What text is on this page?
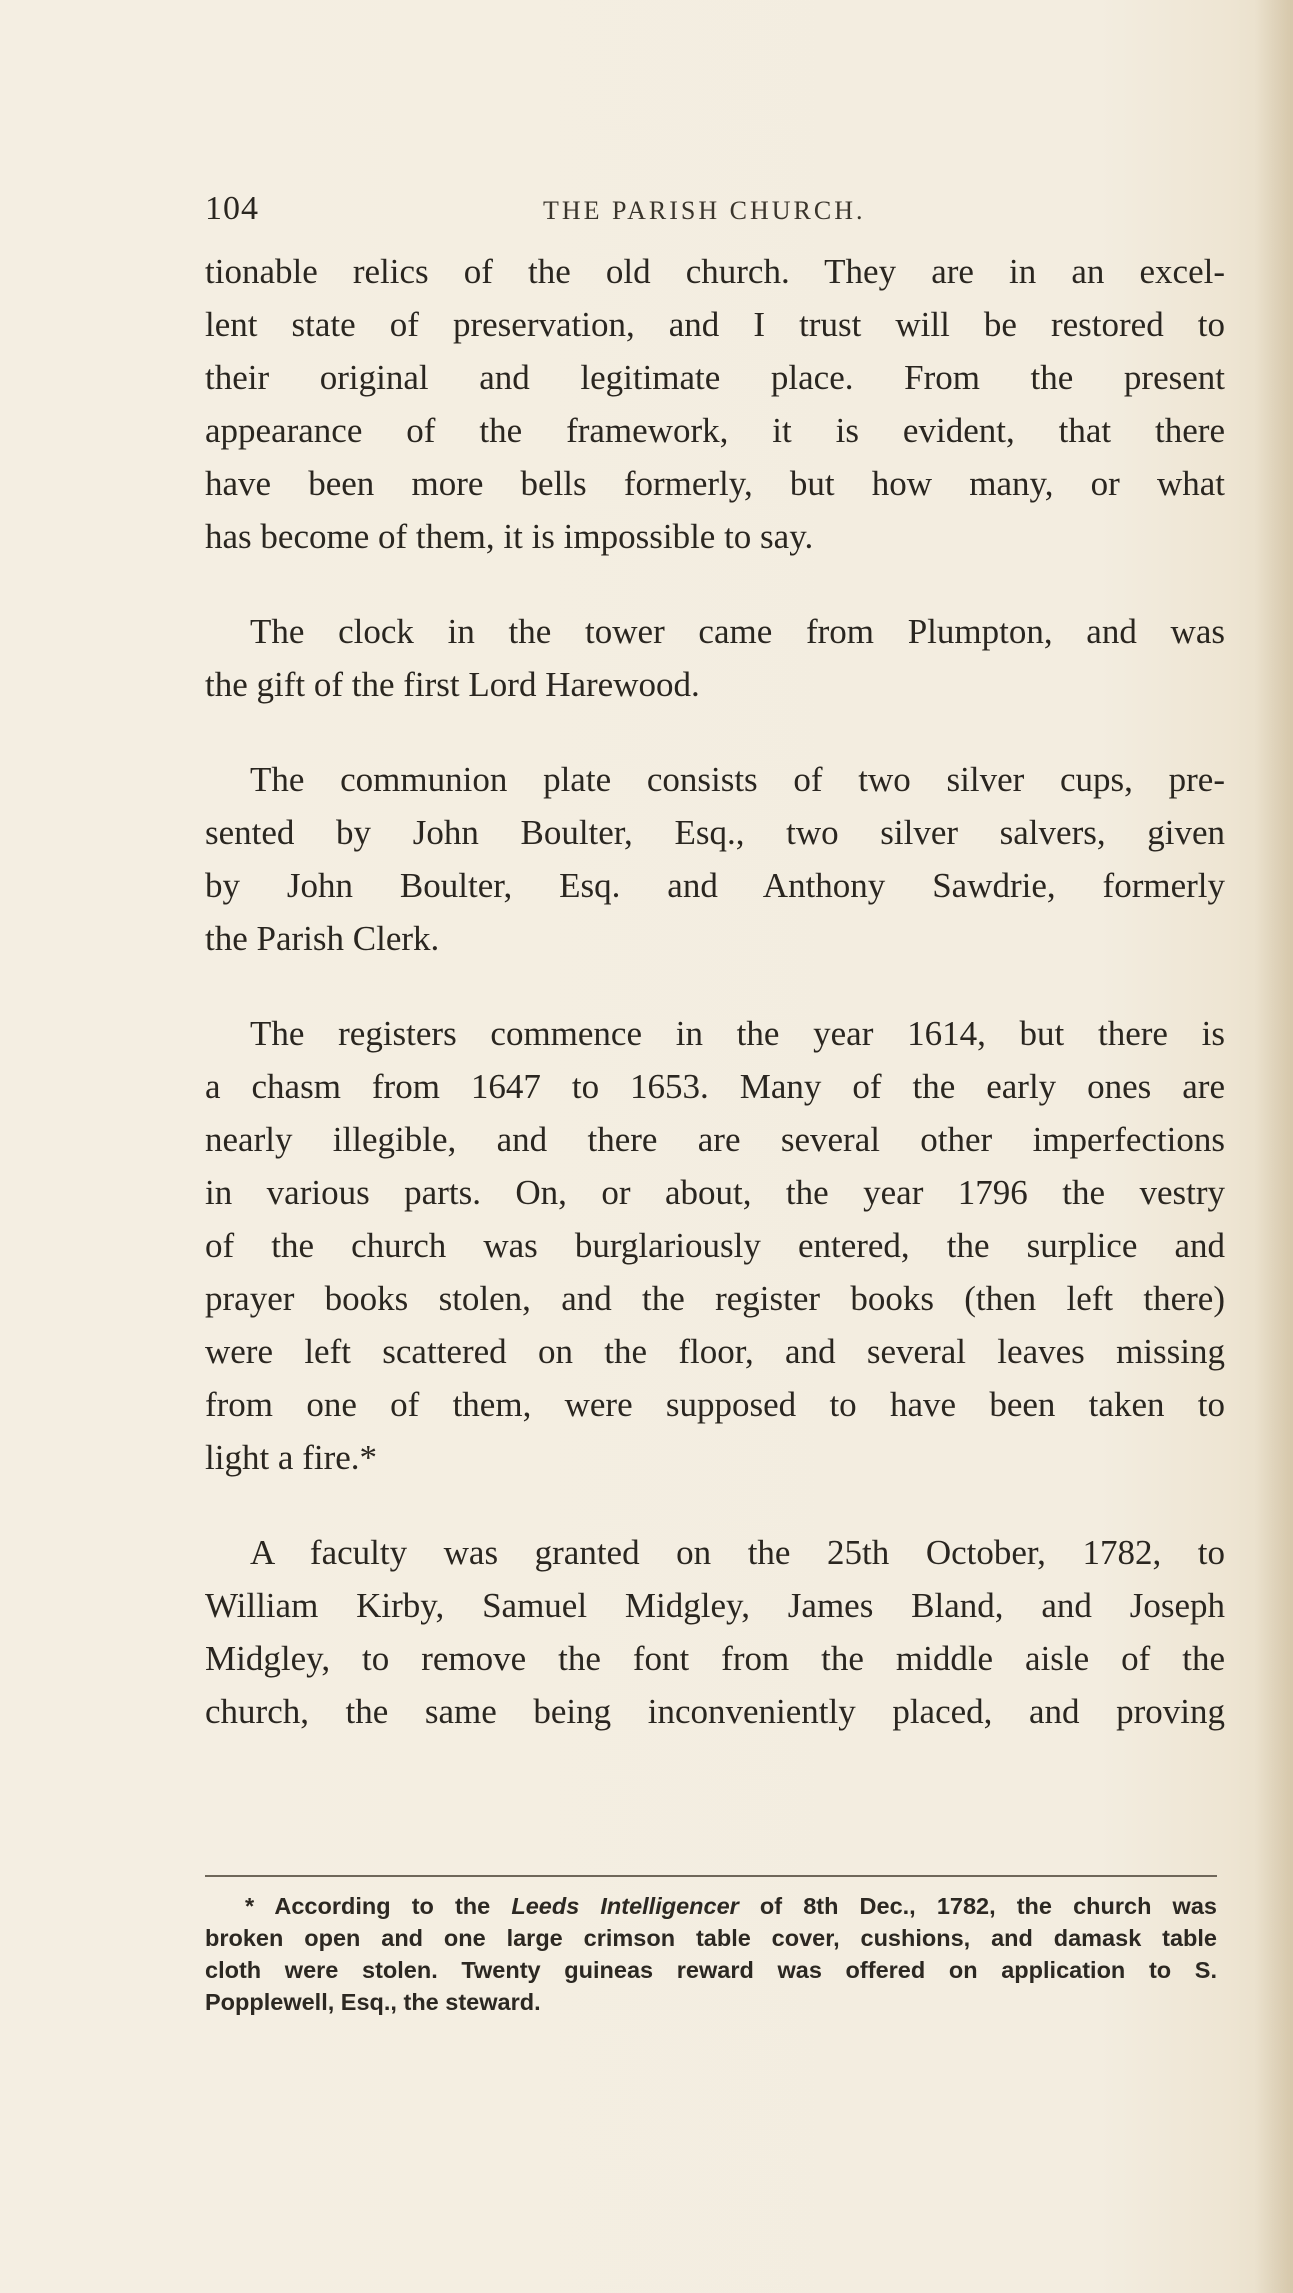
104	THE PARISH CHURCH.
tionable relics of the old church. They are in an excel-
lent state of preservation, and I trust will be restored to
their original and legitimate place. From the present
appearance of the framework, it is evident, that there
have been more bells formerly, but how many, or what
has become of them, it is impossible to say.
The clock in the tower came from Plumpton, and was
the gift of the first Lord Harewood.
The communion plate consists of two silver cups, pre-
sented by John Boulter, Esq., two silver salvers, given
by John Boulter, Esq. and Anthony Sawdrie, formerly
the Parish Clerk.
The registers commence in the year 1614, but there is
a chasm from 1647 to 1653. Many of the early ones are
nearly illegible, and there are several other imperfections
in various parts. On, or about, the year 1796 the vestry
of the church was burglariously entered, the surplice and
prayer books stolen, and the register books (then left there)
were left scattered on the floor, and several leaves missing
from one of them, were supposed to have been taken to
light a fire.*
A faculty was granted on the 25th October, 1782, to
William Kirby, Samuel Midgley, James Bland, and Joseph
Midgley, to remove the font from the middle aisle of the
church, the same being inconveniently placed, and proving
* According to the Leeds Intelligencer of 8th Dec., 1782, the church was
broken open and one large crimson table cover, cushions, and damask table
cloth were stolen. Twenty guineas reward was offered on application to S.
Popplewell, Esq., the steward.
